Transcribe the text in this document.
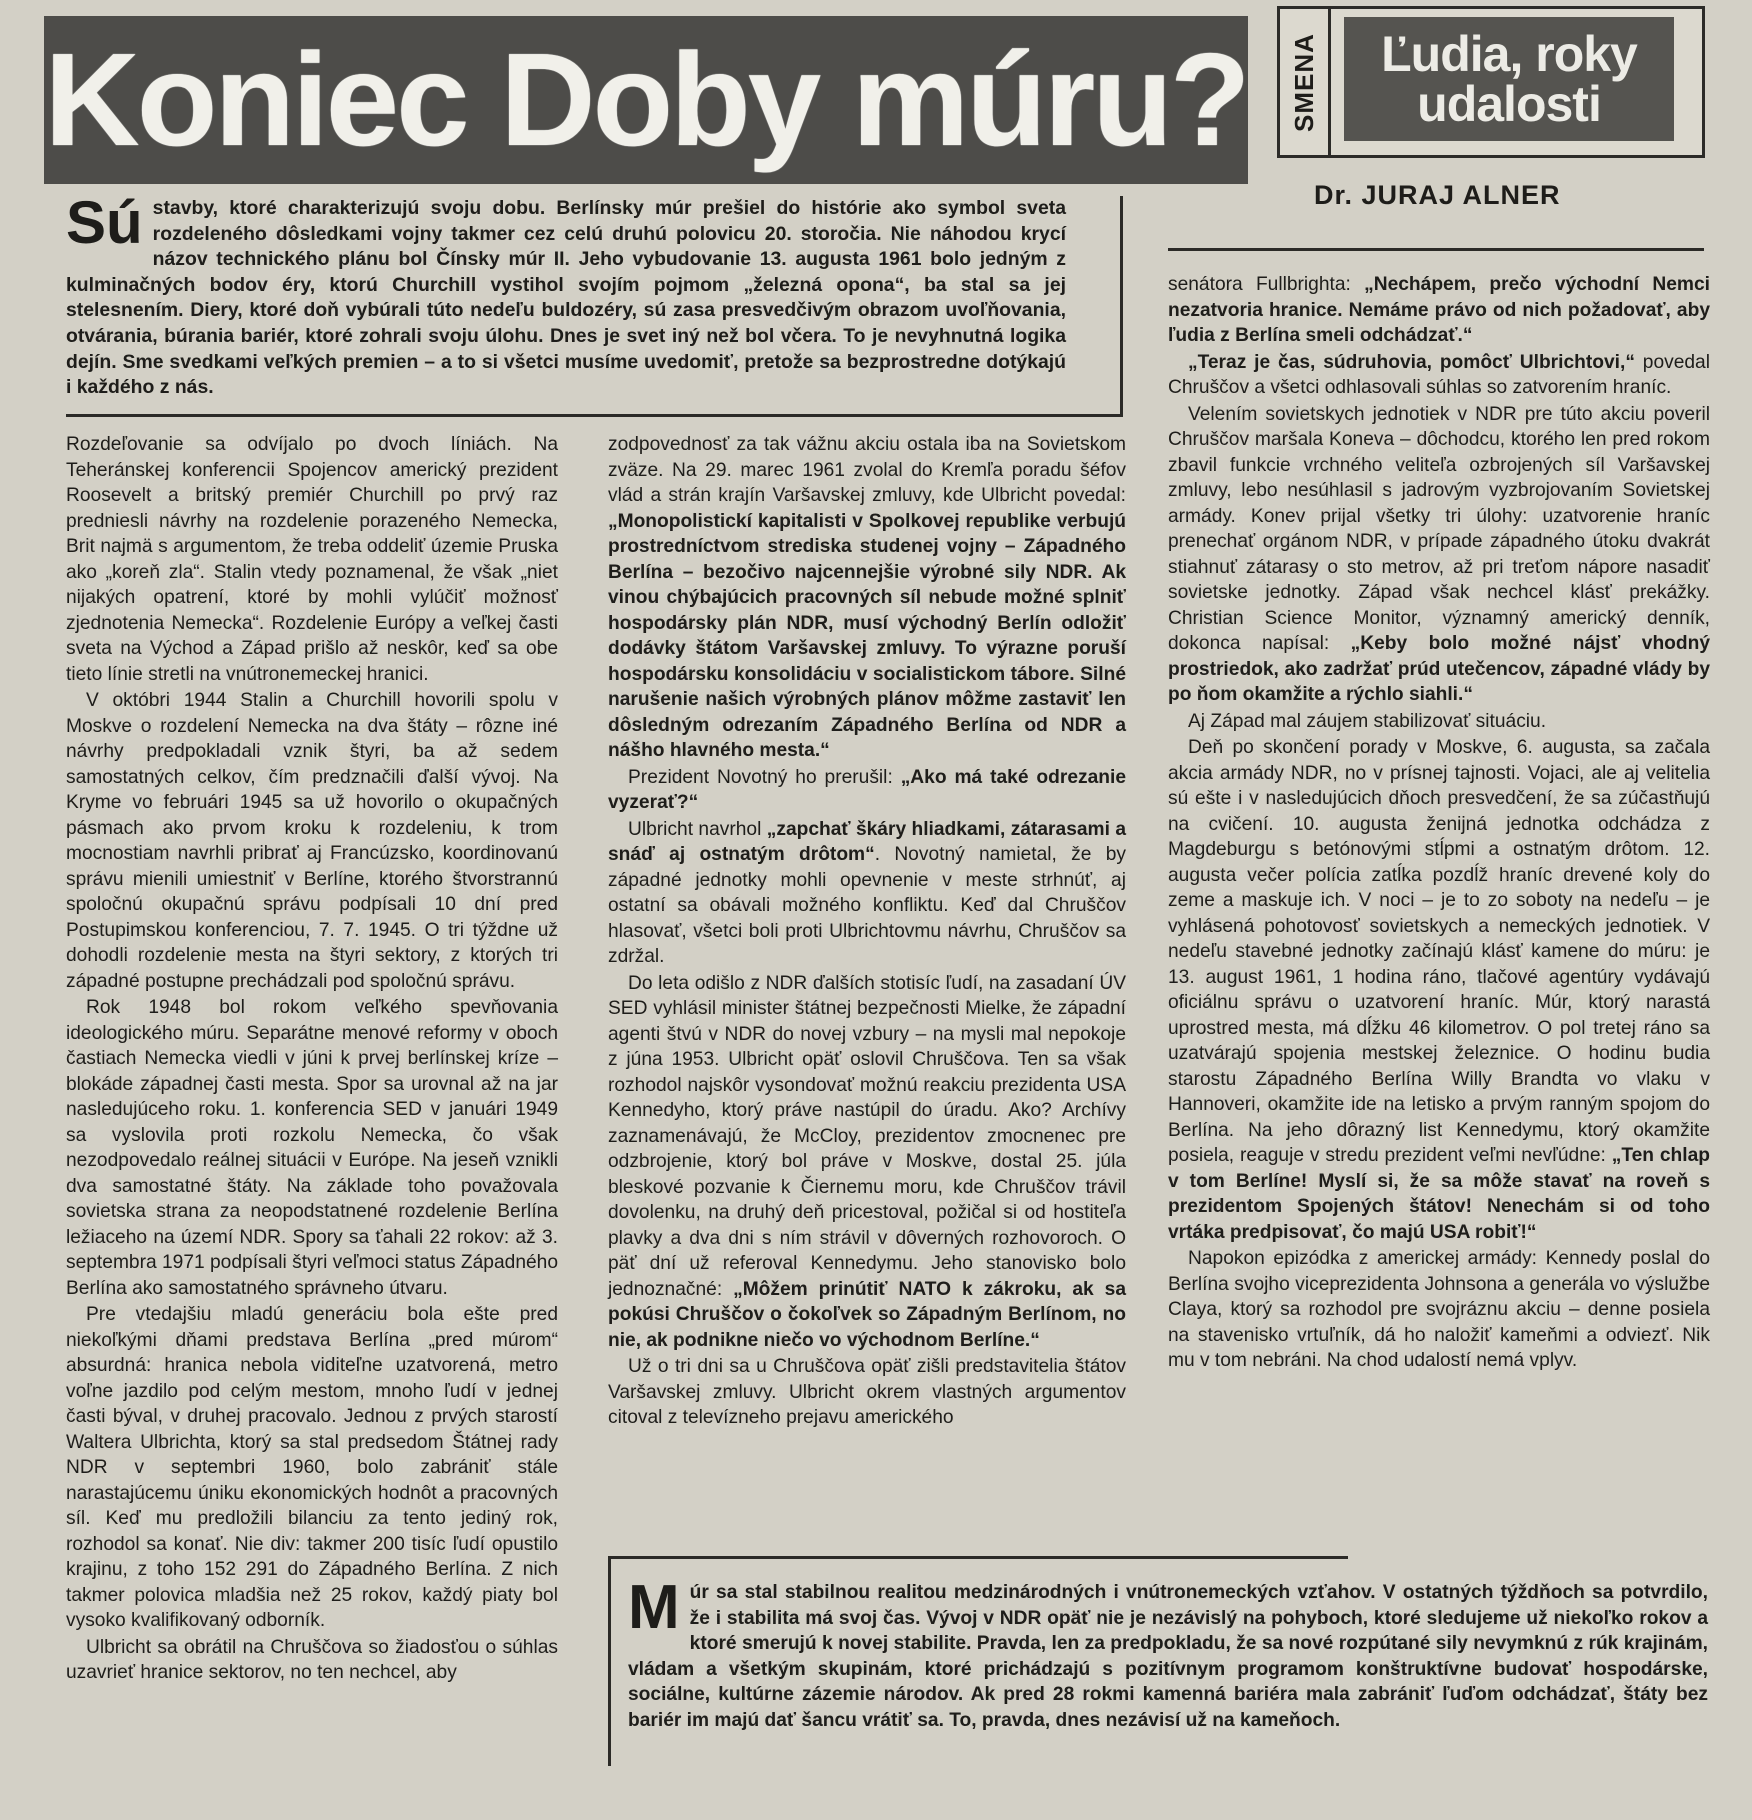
Koniec Doby múru? SMENA Ľudia, roky
udalosti
Dr. JURAJ ALNER
Sú stavby, ktoré charakterizujú svoju dobu. Berlínsky múr prešiel do histórie ako symbol sveta rozdeleného dôsledkami vojny takmer cez celú druhú polovicu 20. storočia. Nie náhodou krycí názov technického plánu bol Čínsky múr II. Jeho vybudovanie 13. augusta 1961 bolo jedným z kulminačných bodov éry, ktorú Churchill vystihol svojím pojmom „železná opona“, ba stal sa jej stelesnením. Diery, ktoré doň vybúrali túto nedeľu buldozéry, sú zasa presvedčivým obrazom uvoľňovania, otvárania, búrania bariér, ktoré zohrali svoju úlohu. Dnes je svet iný než bol včera. To je nevyhnutná logika dejín. Sme svedkami veľkých premien – a to si všetci musíme uvedomiť, pretože sa bezprostredne dotýkajú i každého z nás.

Rozdeľovanie sa odvíjalo po dvoch líniách. Na Teheránskej konferencii Spojencov americký prezident Roosevelt a britský premiér Churchill po prvý raz predniesli návrhy na rozdelenie porazeného Nemecka, Brit najmä s argumentom, že treba oddeliť územie Pruska ako „koreň zla“. Stalin vtedy poznamenal, že však „niet nijakých opatrení, ktoré by mohli vylúčiť možnosť zjednotenia Nemecka“. Rozdelenie Európy a veľkej časti sveta na Východ a Západ prišlo až neskôr, keď sa obe tieto línie stretli na vnútronemeckej hranici.

V októbri 1944 Stalin a Churchill hovorili spolu v Moskve o rozdelení Nemecka na dva štáty – rôzne iné návrhy predpokladali vznik štyri, ba až sedem samostatných celkov, čím predznačili ďalší vývoj. Na Kryme vo februári 1945 sa už hovorilo o okupačných pásmach ako prvom kroku k rozdeleniu, k trom mocnostiam navrhli pribrať aj Francúzsko, koordinovanú správu mienili umiestniť v Berlíne, ktorého štvorstrannú spoločnú okupačnú správu podpísali 10 dní pred Postupimskou konferenciou, 7. 7. 1945. O tri týždne už dohodli rozdelenie mesta na štyri sektory, z ktorých tri západné postupne prechádzali pod spoločnú správu.

Rok 1948 bol rokom veľkého spevňovania ideologického múru. Separátne menové reformy v oboch častiach Nemecka viedli v júni k prvej berlínskej kríze – blokáde západnej časti mesta. Spor sa urovnal až na jar nasledujúceho roku. 1. konferencia SED v januári 1949 sa vyslovila proti rozkolu Nemecka, čo však nezodpovedalo reálnej situácii v Európe. Na jeseň vznikli dva samostatné štáty. Na základe toho považovala sovietska strana za neopodstatnené rozdelenie Berlína ležiaceho na území NDR. Spory sa ťahali 22 rokov: až 3. septembra 1971 podpísali štyri veľmoci status Západného Berlína ako samostatného správneho útvaru.

Pre vtedajšiu mladú generáciu bola ešte pred niekoľkými dňami predstava Berlína „pred múrom“ absurdná: hranica nebola viditeľne uzatvorená, metro voľne jazdilo pod celým mestom, mnoho ľudí v jednej časti býval, v druhej pracovalo. Jednou z prvých starostí Waltera Ulbrichta, ktorý sa stal predsedom Štátnej rady NDR v septembri 1960, bolo zabrániť stále narastajúcemu úniku ekonomických hodnôt a pracovných síl. Keď mu predložili bilanciu za tento jediný rok, rozhodol sa konať. Nie div: takmer 200 tisíc ľudí opustilo krajinu, z toho 152 291 do Západného Berlína. Z nich takmer polovica mladšia než 25 rokov, každý piaty bol vysoko kvalifikovaný odborník.

Ulbricht sa obrátil na Chruščova so žiadosťou o súhlas uzavrieť hranice sektorov, no ten nechcel, aby

zodpovednosť za tak vážnu akciu ostala iba na Sovietskom zväze. Na 29. marec 1961 zvolal do Kremľa poradu šéfov vlád a strán krajín Varšavskej zmluvy, kde Ulbricht povedal: „Monopolistickí kapitalisti v Spolkovej republike verbujú prostredníctvom strediska studenej vojny – Západného Berlína – bezočivo najcennejšie výrobné sily NDR. Ak vinou chýbajúcich pracovných síl nebude možné splniť hospodársky plán NDR, musí východný Berlín odložiť dodávky štátom Varšavskej zmluvy. To výrazne poruší hospodársku konsolidáciu v socialistickom tábore. Silné narušenie našich výrobných plánov môžme zastaviť len dôsledným odrezaním Západného Berlína od NDR a nášho hlavného mesta.“

Prezident Novotný ho prerušil: „Ako má také odrezanie vyzerať?“

Ulbricht navrhol „zapchať škáry hliadkami, zátarasami a snáď aj ostnatým drôtom“. Novotný namietal, že by západné jednotky mohli opevnenie v meste strhnúť, aj ostatní sa obávali možného konfliktu. Keď dal Chruščov hlasovať, všetci boli proti Ulbrichtovmu návrhu, Chruščov sa zdržal.

Do leta odišlo z NDR ďalších stotisíc ľudí, na zasadaní ÚV SED vyhlásil minister štátnej bezpečnosti Mielke, že západní agenti štvú v NDR do novej vzbury – na mysli mal nepokoje z júna 1953. Ulbricht opäť oslovil Chruščova. Ten sa však rozhodol najskôr vysondovať možnú reakciu prezidenta USA Kennedyho, ktorý práve nastúpil do úradu. Ako? Archívy zaznamenávajú, že McCloy, prezidentov zmocnenec pre odzbrojenie, ktorý bol práve v Moskve, dostal 25. júla bleskové pozvanie k Čiernemu moru, kde Chruščov trávil dovolenku, na druhý deň pricestoval, požičal si od hostiteľa plavky a dva dni s ním strávil v dôverných rozhovoroch. O päť dní už referoval Kennedymu. Jeho stanovisko bolo jednoznačné: „Môžem prinútiť NATO k zákroku, ak sa pokúsi Chruščov o čokoľvek so Západným Berlínom, no nie, ak podnikne niečo vo východnom Berlíne.“

Už o tri dni sa u Chruščova opäť zišli predstavitelia štátov Varšavskej zmluvy. Ulbricht okrem vlastných argumentov citoval z televízneho prejavu amerického

senátora Fullbrighta: „Nechápem, prečo východní Nemci nezatvoria hranice. Nemáme právo od nich požadovať, aby ľudia z Berlína smeli odchádzať.“

„Teraz je čas, súdruhovia, pomôcť Ulbrichtovi,“ povedal Chruščov a všetci odhlasovali súhlas so zatvorením hraníc.

Velením sovietskych jednotiek v NDR pre túto akciu poveril Chruščov maršala Koneva – dôchodcu, ktorého len pred rokom zbavil funkcie vrchného veliteľa ozbrojených síl Varšavskej zmluvy, lebo nesúhlasil s jadrovým vyzbrojovaním Sovietskej armády. Konev prijal všetky tri úlohy: uzatvorenie hraníc prenechať orgánom NDR, v prípade západného útoku dvakrát stiahnuť zátarasy o sto metrov, až pri treťom nápore nasadiť sovietske jednotky. Západ však nechcel klásť prekážky. Christian Science Monitor, významný americký denník, dokonca napísal: „Keby bolo možné nájsť vhodný prostriedok, ako zadržať prúd utečencov, západné vlády by po ňom okamžite a rýchlo siahli.“

Aj Západ mal záujem stabilizovať situáciu.

Deň po skončení porady v Moskve, 6. augusta, sa začala akcia armády NDR, no v prísnej tajnosti. Vojaci, ale aj velitelia sú ešte i v nasledujúcich dňoch presvedčení, že sa zúčastňujú na cvičení. 10. augusta ženijná jednotka odchádza z Magdeburgu s betónovými stĺpmi a ostnatým drôtom. 12. augusta večer polícia zatĺka pozdĺž hraníc drevené koly do zeme a maskuje ich. V noci – je to zo soboty na nedeľu – je vyhlásená pohotovosť sovietskych a nemeckých jednotiek. V nedeľu stavebné jednotky začínajú klásť kamene do múru: je 13. august 1961, 1 hodina ráno, tlačové agentúry vydávajú oficiálnu správu o uzatvorení hraníc. Múr, ktorý narastá uprostred mesta, má dĺžku 46 kilometrov. O pol tretej ráno sa uzatvárajú spojenia mestskej železnice. O hodinu budia starostu Západného Berlína Willy Brandta vo vlaku v Hannoveri, okamžite ide na letisko a prvým ranným spojom do Berlína. Na jeho dôrazný list Kennedymu, ktorý okamžite posiela, reaguje v stredu prezident veľmi nevľúdne: „Ten chlap v tom Berlíne! Myslí si, že sa môže stavať na roveň s prezidentom Spojených štátov! Nenechám si od toho vrtáka predpisovať, čo majú USA robiť!“

Napokon epizódka z americkej armády: Kennedy poslal do Berlína svojho viceprezidenta Johnsona a generála vo výslužbe Claya, ktorý sa rozhodol pre svojráznu akciu – denne posiela na stavenisko vrtuľník, dá ho naložiť kameňmi a odviezť. Nik mu v tom nebráni. Na chod udalostí nemá vplyv.

M úr sa stal stabilnou realitou medzinárodných i vnútronemeckých vzťahov. V ostatných týždňoch sa potvrdilo, že i stabilita má svoj čas. Vývoj v NDR opäť nie je nezávislý na pohyboch, ktoré sledujeme už niekoľko rokov a ktoré smerujú k novej stabilite. Pravda, len za predpokladu, že sa nové rozpútané sily nevymknú z rúk krajinám, vládam a všetkým skupinám, ktoré prichádzajú s pozitívnym programom konštruktívne budovať hospodárske, sociálne, kultúrne zázemie národov. Ak pred 28 rokmi kamenná bariéra mala zabrániť ľuďom odchádzať, štáty bez bariér im majú dať šancu vrátiť sa. To, pravda, dnes nezávisí už na kameňoch.
